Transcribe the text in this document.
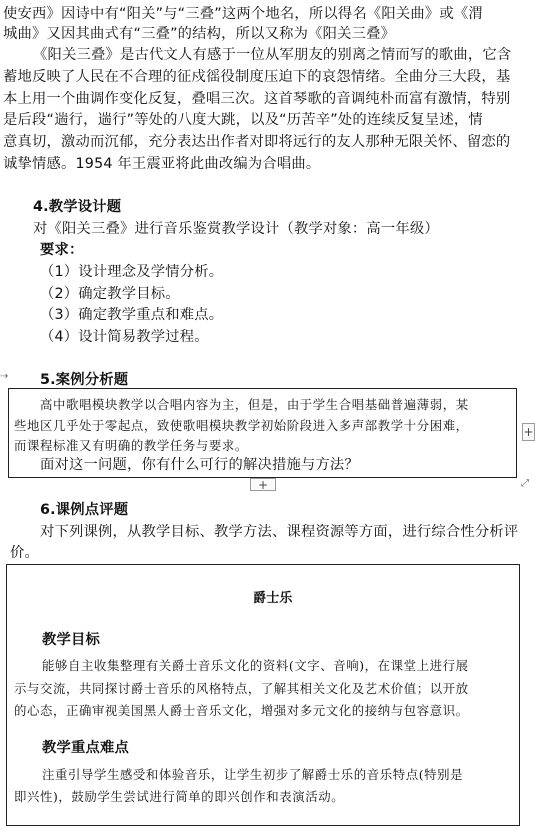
使安西》因诗中有“阳关”与“三叠”这两个地名，所以得名《阳关曲》或《渭
城曲》又因其曲式有“三叠”的结构，所以又称为《阳关三叠》
《阳关三叠》是古代文人有感于一位从军朋友的别离之情而写的歌曲，它含
蓄地反映了人民在不合理的征戍徭役制度压迫下的哀怨情绪。全曲分三大段，基
本上用一个曲调作变化反复，叠唱三次。这首琴歌的音调纯朴而富有激情，特别
是后段“遄行，遄行”等处的八度大跳，以及“历苦辛”处的连续反复呈述，情
意真切，激动而沉郁，充分表达出作者对即将远行的友人那种无限关怀、留恋的
诚挚情感。1954 年王震亚将此曲改编为合唱曲。
4.教学设计题
对《阳关三叠》进行音乐鉴赏教学设计（教学对象：高一年级）
要求：
（1）设计理念及学情分析。
（2）确定教学目标。
（3）确定教学重点和难点。
（4）设计简易教学过程。
⇢ 5.案例分析题
高中歌唱模块教学以合唱内容为主，但是，由于学生合唱基础普遍薄弱，某
些地区几乎处于零起点，致使歌唱模块教学初始阶段进入多声部教学十分困难，
而课程标准又有明确的教学任务与要求。
面对这一问题，你有什么可行的解决措施与方法？
+
+	⤢
6.课例点评题
对下列课例，从教学目标、教学方法、课程资源等方面，进行综合性分析评
价。
爵士乐
教学目标
能够自主收集整理有关爵士音乐文化的资料(文字、音响)，在课堂上进行展
示与交流，共同探讨爵士音乐的风格特点，了解其相关文化及艺术价值；以开放
的心态，正确审视美国黑人爵士音乐文化，增强对多元文化的接纳与包容意识。
教学重点难点
注重引导学生感受和体验音乐，让学生初步了解爵士乐的音乐特点(特别是
即兴性)，鼓励学生尝试进行简单的即兴创作和表演活动。
